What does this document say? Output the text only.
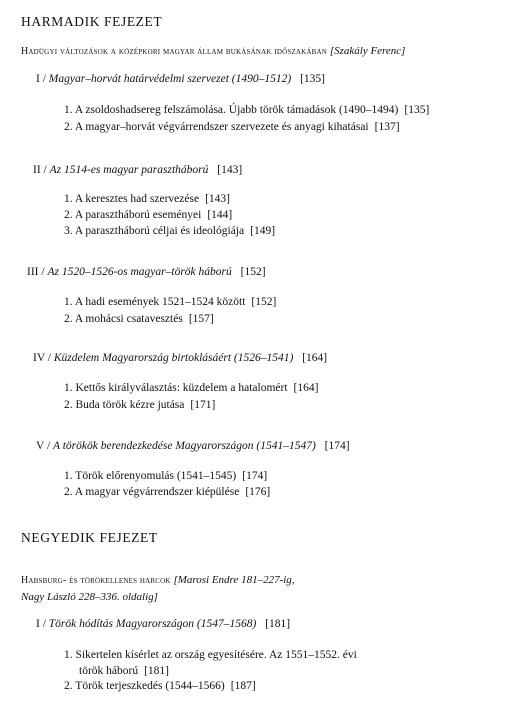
HARMADIK FEJEZET
Hadügyi változások a középkori magyar állam bukásának időszakában [Szakály Ferenc]
I / Magyar–horvát határvédelmi szervezet (1490–1512) [135]
1. A zsoldoshadsereg felszámolása. Újabb török támadások (1490–1494) [135]
2. A magyar–horvát végvárrendszer szervezete és anyagi kihatásai [137]
II / Az 1514-es magyar parasztháború [143]
1. A keresztes had szervezése [143]
2. A parasztháború eseményei [144]
3. A parasztháború céljai és ideológiája [149]
III / Az 1520–1526-os magyar–török háború [152]
1. A hadi események 1521–1524 között [152]
2. A mohácsi csatavesztés [157]
IV / Küzdelem Magyarország birtoklásáért (1526–1541) [164]
1. Kettős királyválasztás: küzdelem a hatalomért [164]
2. Buda török kézre jutása [171]
V / A törökök berendezkedése Magyarországon (1541–1547) [174]
1. Török előrenyomulás (1541–1545) [174]
2. A magyar végvárrendszer kiépülése [176]
NEGYEDIK FEJEZET
Habsburg- és törökellenes harcok [Marosi Endre 181–227-ig,
Nagy László 228–336. oldalig]
I / Török hódítás Magyarországon (1547–1568) [181]
1. Sikertelen kísérlet az ország egyesítésére. Az 1551–1552. évi
török háború [181]
2. Török terjeszkedés (1544–1566) [187]
